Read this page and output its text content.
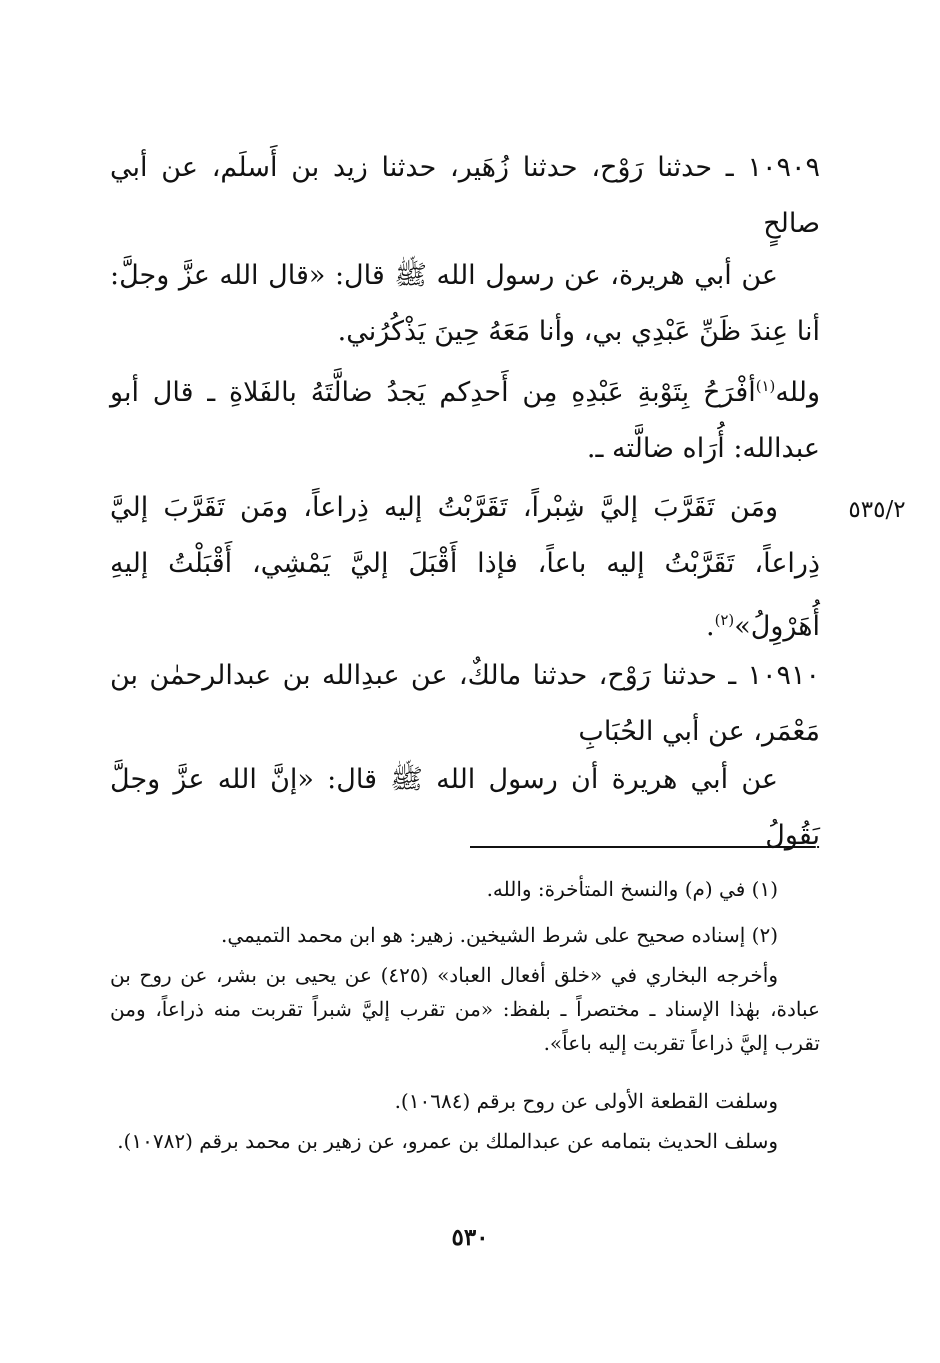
١٠٩٠٩ ـ حدثنا رَوْح، حدثنا زُهَير، حدثنا زيد بن أَسلَم، عن أبي صالحٍ

عن أبي هريرة، عن رسول الله ﷺ قال: «قال الله عزَّ وجلَّ: أنا عِندَ ظَنِّ عَبْدِي بي، وأنا مَعَهُ حِينَ يَذْكُرُني.

ولله$^{(١)}$أفْرَحُ بِتَوْبةِ عَبْدِهِ مِن أَحدِكم يَجدُ ضالَّتَهُ بالفَلاةِ ـ قال أبو عبدالله: أُرَاه ضالَّته ـ.

٥٣٥/٢

ومَن تَقَرَّبَ إليَّ شِبْراً، تَقَرَّبْتُ إليه ذِراعاً، ومَن تَقَرَّبَ إليَّ ذِراعاً، تَقَرَّبْتُ إليه باعاً، فإذا أَقْبَلَ إليَّ يَمْشِي، أَقْبَلْتُ إليهِ أُهَرْوِلُ»$^{(٢)}$.

١٠٩١٠ ـ حدثنا رَوْح، حدثنا مالكٌ، عن عبدِالله بن عبدالرحمٰن بن مَعْمَر، عن أبي الحُبَابِ

عن أبي هريرة أن رسول الله ﷺ قال: «إنَّ الله عزَّ وجلَّ يَقُولُ

(١) في (م) والنسخ المتأخرة: والله.

(٢) إسناده صحيح على شرط الشيخين. زهير: هو ابن محمد التميمي.

وأخرجه البخاري في «خلق أفعال العباد» (٤٢٥) عن يحيى بن بشر، عن روح بن عبادة، بهٰذا الإسناد ـ مختصراً ـ بلفظ: «من تقرب إليَّ شبراً تقربت منه ذراعاً، ومن تقرب إليَّ ذراعاً تقربت إليه باعاً».

وسلفت القطعة الأولى عن روح برقم (١٠٦٨٤).

وسلف الحديث بتمامه عن عبدالملك بن عمرو، عن زهير بن محمد برقم (١٠٧٨٢).

٥٣٠
